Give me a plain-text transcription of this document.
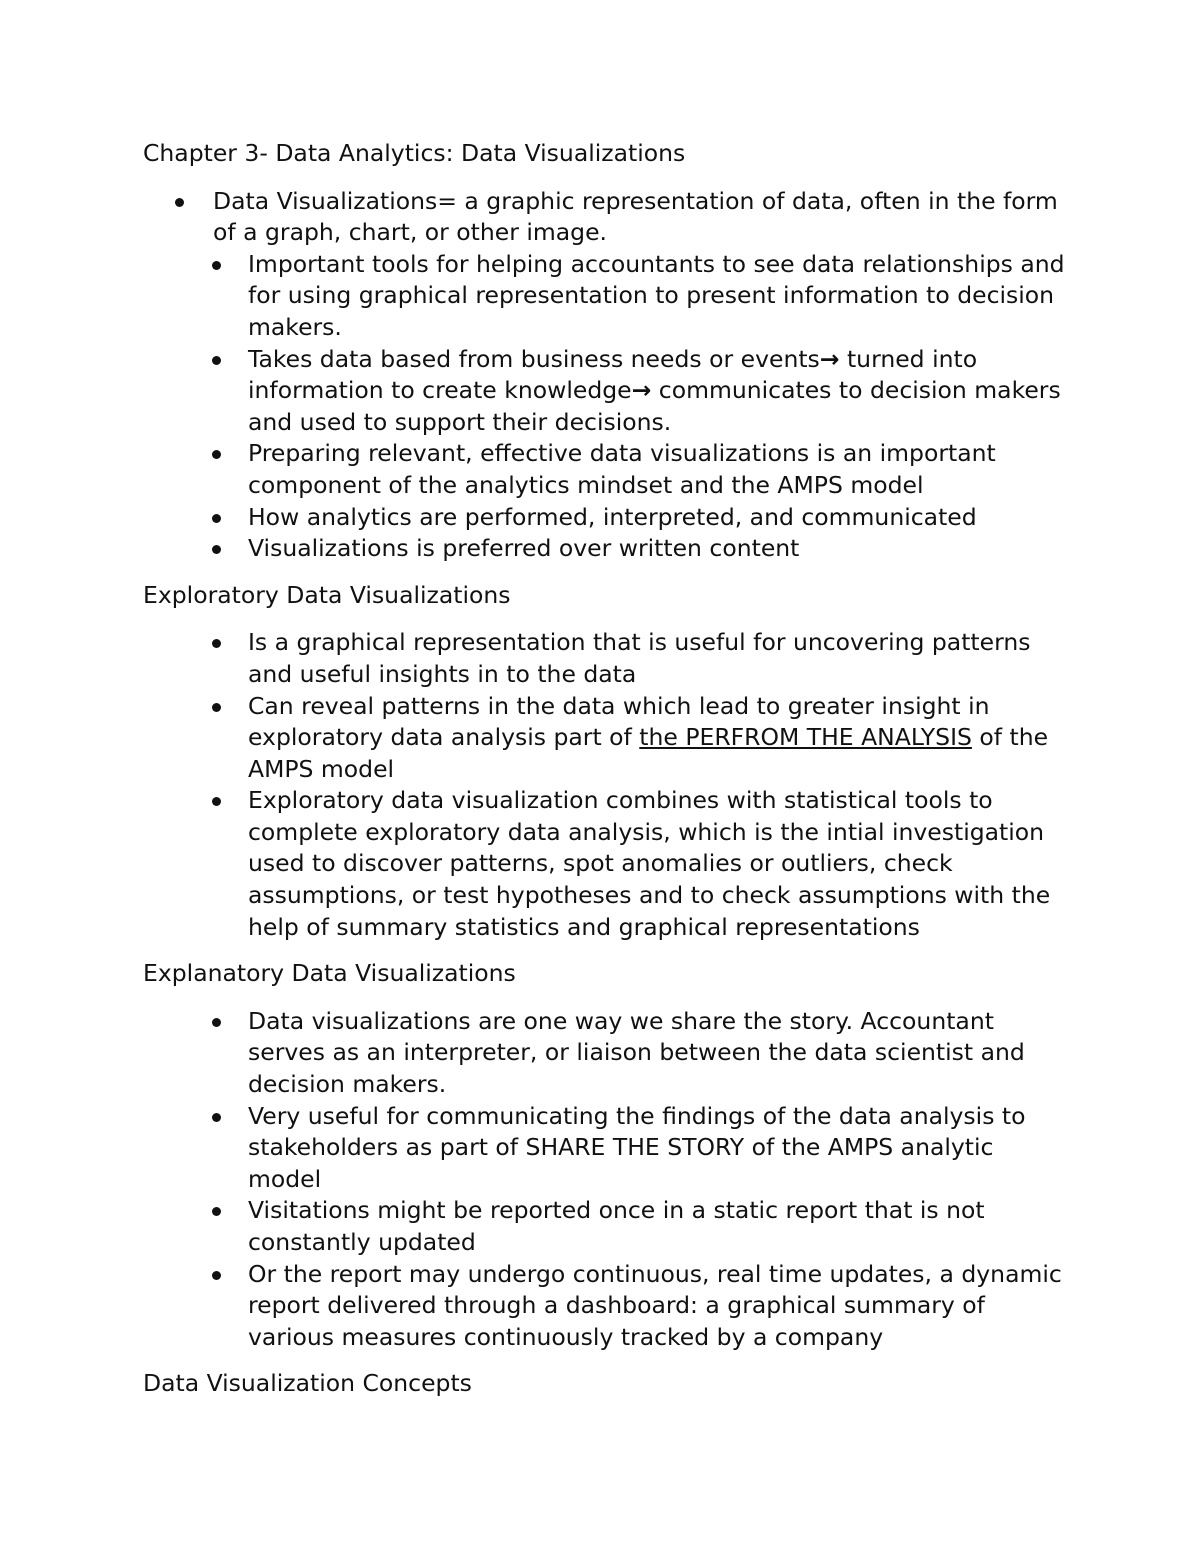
Chapter 3- Data Analytics: Data Visualizations

Data Visualizations= a graphic representation of data, often in the form of a graph, chart, or other image.
Important tools for helping accountants to see data relationships and for using graphical representation to present information to decision makers.
Takes data based from business needs or events→ turned into information to create knowledge→ communicates to decision makers and used to support their decisions.
Preparing relevant, effective data visualizations is an important component of the analytics mindset and the AMPS model
How analytics are performed, interpreted, and communicated
Visualizations is preferred over written content

Exploratory Data Visualizations

Is a graphical representation that is useful for uncovering patterns and useful insights in to the data
Can reveal patterns in the data which lead to greater insight in exploratory data analysis part of the PERFROM THE ANALYSIS of the AMPS model
Exploratory data visualization combines with statistical tools to complete exploratory data analysis, which is the intial investigation used to discover patterns, spot anomalies or outliers, check assumptions, or test hypotheses and to check assumptions with the help of summary statistics and graphical representations

Explanatory Data Visualizations

Data visualizations are one way we share the story. Accountant serves as an interpreter, or liaison between the data scientist and decision makers.
Very useful for communicating the findings of the data analysis to stakeholders as part of SHARE THE STORY of the AMPS analytic model
Visitations might be reported once in a static report that is not constantly updated
Or the report may undergo continuous, real time updates, a dynamic report delivered through a dashboard: a graphical summary of various measures continuously tracked by a company

Data Visualization Concepts
